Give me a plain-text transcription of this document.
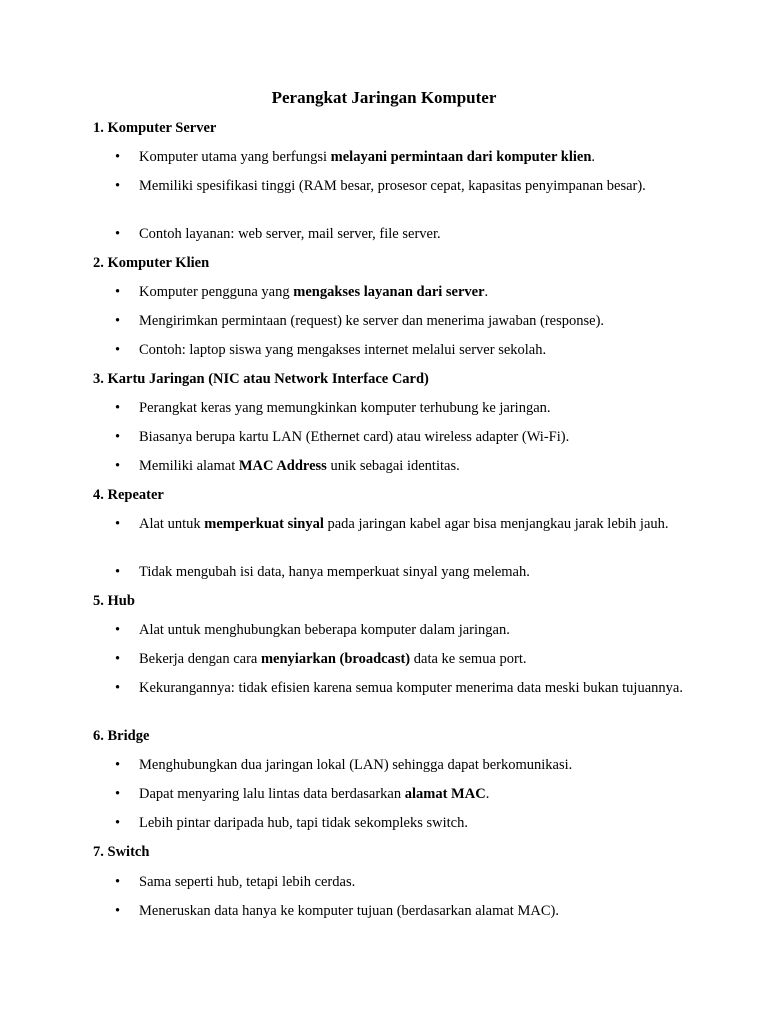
Perangkat Jaringan Komputer
1. Komputer Server
• Komputer utama yang berfungsi melayani permintaan dari komputer klien.
• Memiliki spesifikasi tinggi (RAM besar, prosesor cepat, kapasitas penyimpanan besar).
• Contoh layanan: web server, mail server, file server.
2. Komputer Klien
• Komputer pengguna yang mengakses layanan dari server.
• Mengirimkan permintaan (request) ke server dan menerima jawaban (response).
• Contoh: laptop siswa yang mengakses internet melalui server sekolah.
3. Kartu Jaringan (NIC atau Network Interface Card)
• Perangkat keras yang memungkinkan komputer terhubung ke jaringan.
• Biasanya berupa kartu LAN (Ethernet card) atau wireless adapter (Wi-Fi).
• Memiliki alamat MAC Address unik sebagai identitas.
4. Repeater
• Alat untuk memperkuat sinyal pada jaringan kabel agar bisa menjangkau jarak lebih jauh.
• Tidak mengubah isi data, hanya memperkuat sinyal yang melemah.
5. Hub
• Alat untuk menghubungkan beberapa komputer dalam jaringan.
• Bekerja dengan cara menyiarkan (broadcast) data ke semua port.
• Kekurangannya: tidak efisien karena semua komputer menerima data meski bukan tujuannya.
6. Bridge
• Menghubungkan dua jaringan lokal (LAN) sehingga dapat berkomunikasi.
• Dapat menyaring lalu lintas data berdasarkan alamat MAC.
• Lebih pintar daripada hub, tapi tidak sekompleks switch.
7. Switch
• Sama seperti hub, tetapi lebih cerdas.
• Meneruskan data hanya ke komputer tujuan (berdasarkan alamat MAC).
